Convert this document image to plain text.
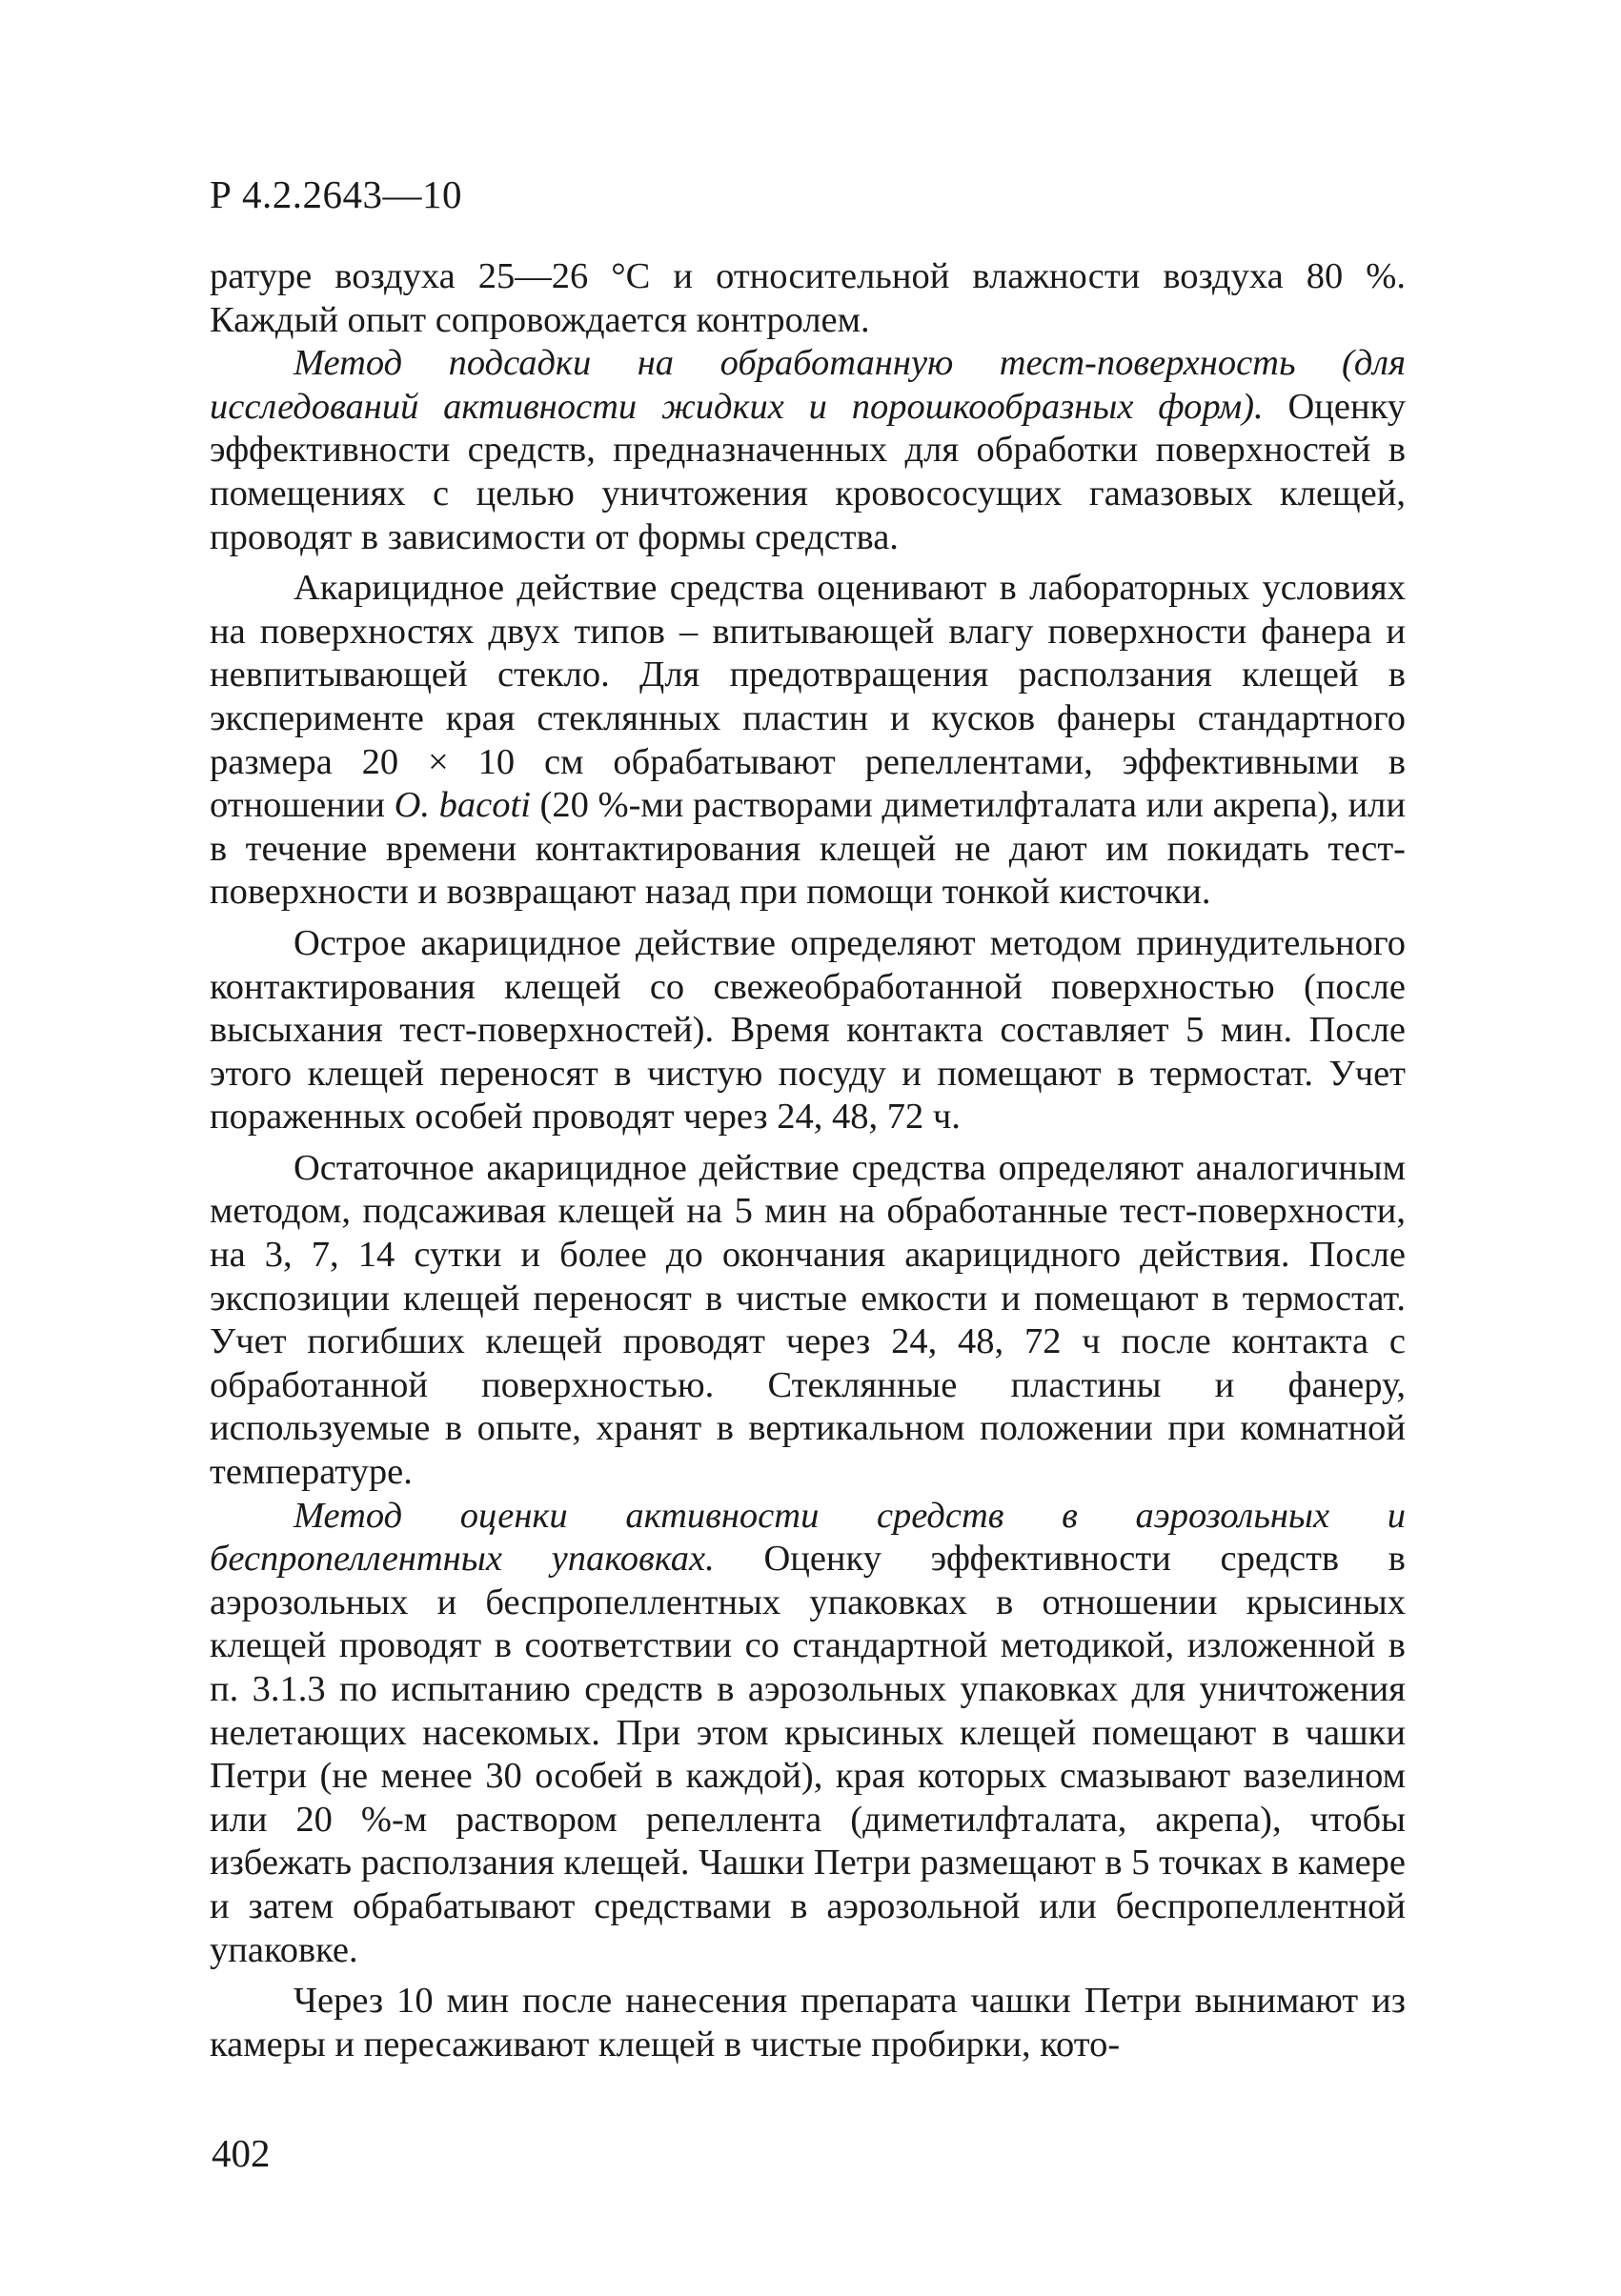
Р 4.2.2643—10

ратуре воздуха 25—26 °С и относительной влажности воздуха 80 %. Каждый опыт сопровождается контролем.

Метод подсадки на обработанную тест-поверхность (для исследований активности жидких и порошкообразных форм). Оценку эффективности средств, предназначенных для обработки поверхностей в помещениях с целью уничтожения кровососущих гамазовых клещей, проводят в зависимости от формы средства.

Акарицидное действие средства оценивают в лабораторных условиях на поверхностях двух типов – впитывающей влагу поверхности фанера и невпитывающей стекло. Для предотвращения расползания клещей в эксперименте края стеклянных пластин и кусков фанеры стандартного размера 20 × 10 см обрабатывают репеллентами, эффективными в отношении O. bacoti (20 %-ми растворами диметилфталата или акрепа), или в течение времени контактирования клещей не дают им покидать тест-поверхности и возвращают назад при помощи тонкой кисточки.

Острое акарицидное действие определяют методом принудительного контактирования клещей со свежеобработанной поверхностью (после высыхания тест-поверхностей). Время контакта составляет 5 мин. После этого клещей переносят в чистую посуду и помещают в термостат. Учет пораженных особей проводят через 24, 48, 72 ч.

Остаточное акарицидное действие средства определяют аналогичным методом, подсаживая клещей на 5 мин на обработанные тест-поверхности, на 3, 7, 14 сутки и более до окончания акарицидного действия. После экспозиции клещей переносят в чистые емкости и помещают в термостат. Учет погибших клещей проводят через 24, 48, 72 ч после контакта с обработанной поверхностью. Стеклянные пластины и фанеру, используемые в опыте, хранят в вертикальном положении при комнатной температуре.

Метод оценки активности средств в аэрозольных и беспропеллентных упаковках. Оценку эффективности средств в аэрозольных и беспропеллентных упаковках в отношении крысиных клещей проводят в соответствии со стандартной методикой, изложенной в п. 3.1.3 по испытанию средств в аэрозольных упаковках для уничтожения нелетающих насекомых. При этом крысиных клещей помещают в чашки Петри (не менее 30 особей в каждой), края которых смазывают вазелином или 20 %-м раствором репеллента (диметилфталата, акрепа), чтобы избежать расползания клещей. Чашки Петри размещают в 5 точках в камере и затем обрабатывают средствами в аэрозольной или беспропеллентной упаковке.

Через 10 мин после нанесения препарата чашки Петри вынимают из камеры и пересаживают клещей в чистые пробирки, кото-

402
